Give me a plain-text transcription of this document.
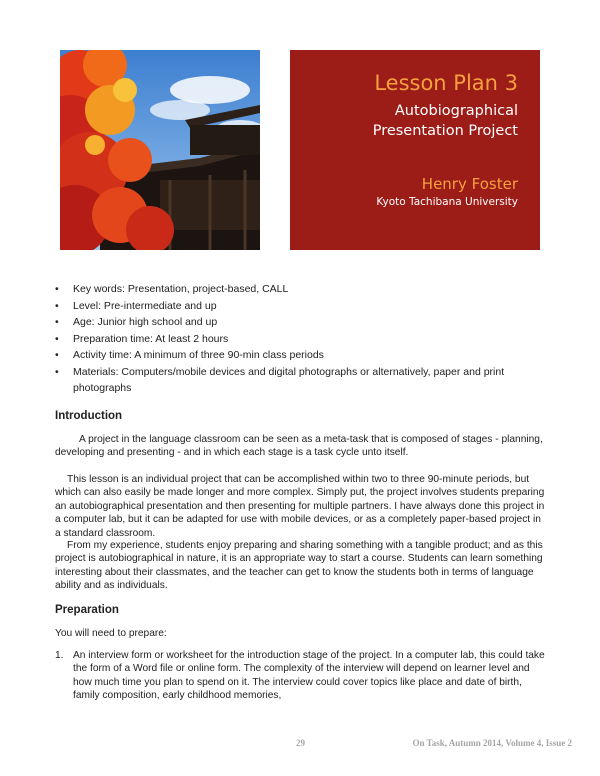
Lesson Plan 3
Autobiographical
Presentation Project
Henry Foster
Kyoto Tachibana University
• Key words: Presentation, project-based, CALL
• Level: Pre-intermediate and up
• Age: Junior high school and up
• Preparation time: At least 2 hours
• Activity time: A minimum of three 90-min class periods
• Materials: Computers/mobile devices and digital photographs or alternatively, paper and print photographs
Introduction

A project in the language classroom can be seen as a meta-task that is composed of stages - planning, developing and presenting - and in which each stage is a task cycle unto itself.

This lesson is an individual project that can be accomplished within two to three 90-minute periods, but which can also easily be made longer and more complex. Simply put, the project involves students preparing an autobiographical presentation and then presenting for multiple partners. I have always done this project in a computer lab, but it can be adapted for use with mobile devices, or as a completely paper-based project in a standard classroom.

From my experience, students enjoy preparing and sharing something with a tangible product; and as this project is autobiographical in nature, it is an appropriate way to start a course. Students can learn something interesting about their classmates, and the teacher can get to know the students both in terms of language ability and as individuals.

Preparation

You will need to prepare:

1. An interview form or worksheet for the introduction stage of the project. In a computer lab, this could take the form of a Word file or online form. The complexity of the interview will depend on learner level and how much time you plan to spend on it. The interview could cover topics like place and date of birth, family composition, early childhood memories,
29	On Task, Autumn 2014, Volume 4, Issue 2
